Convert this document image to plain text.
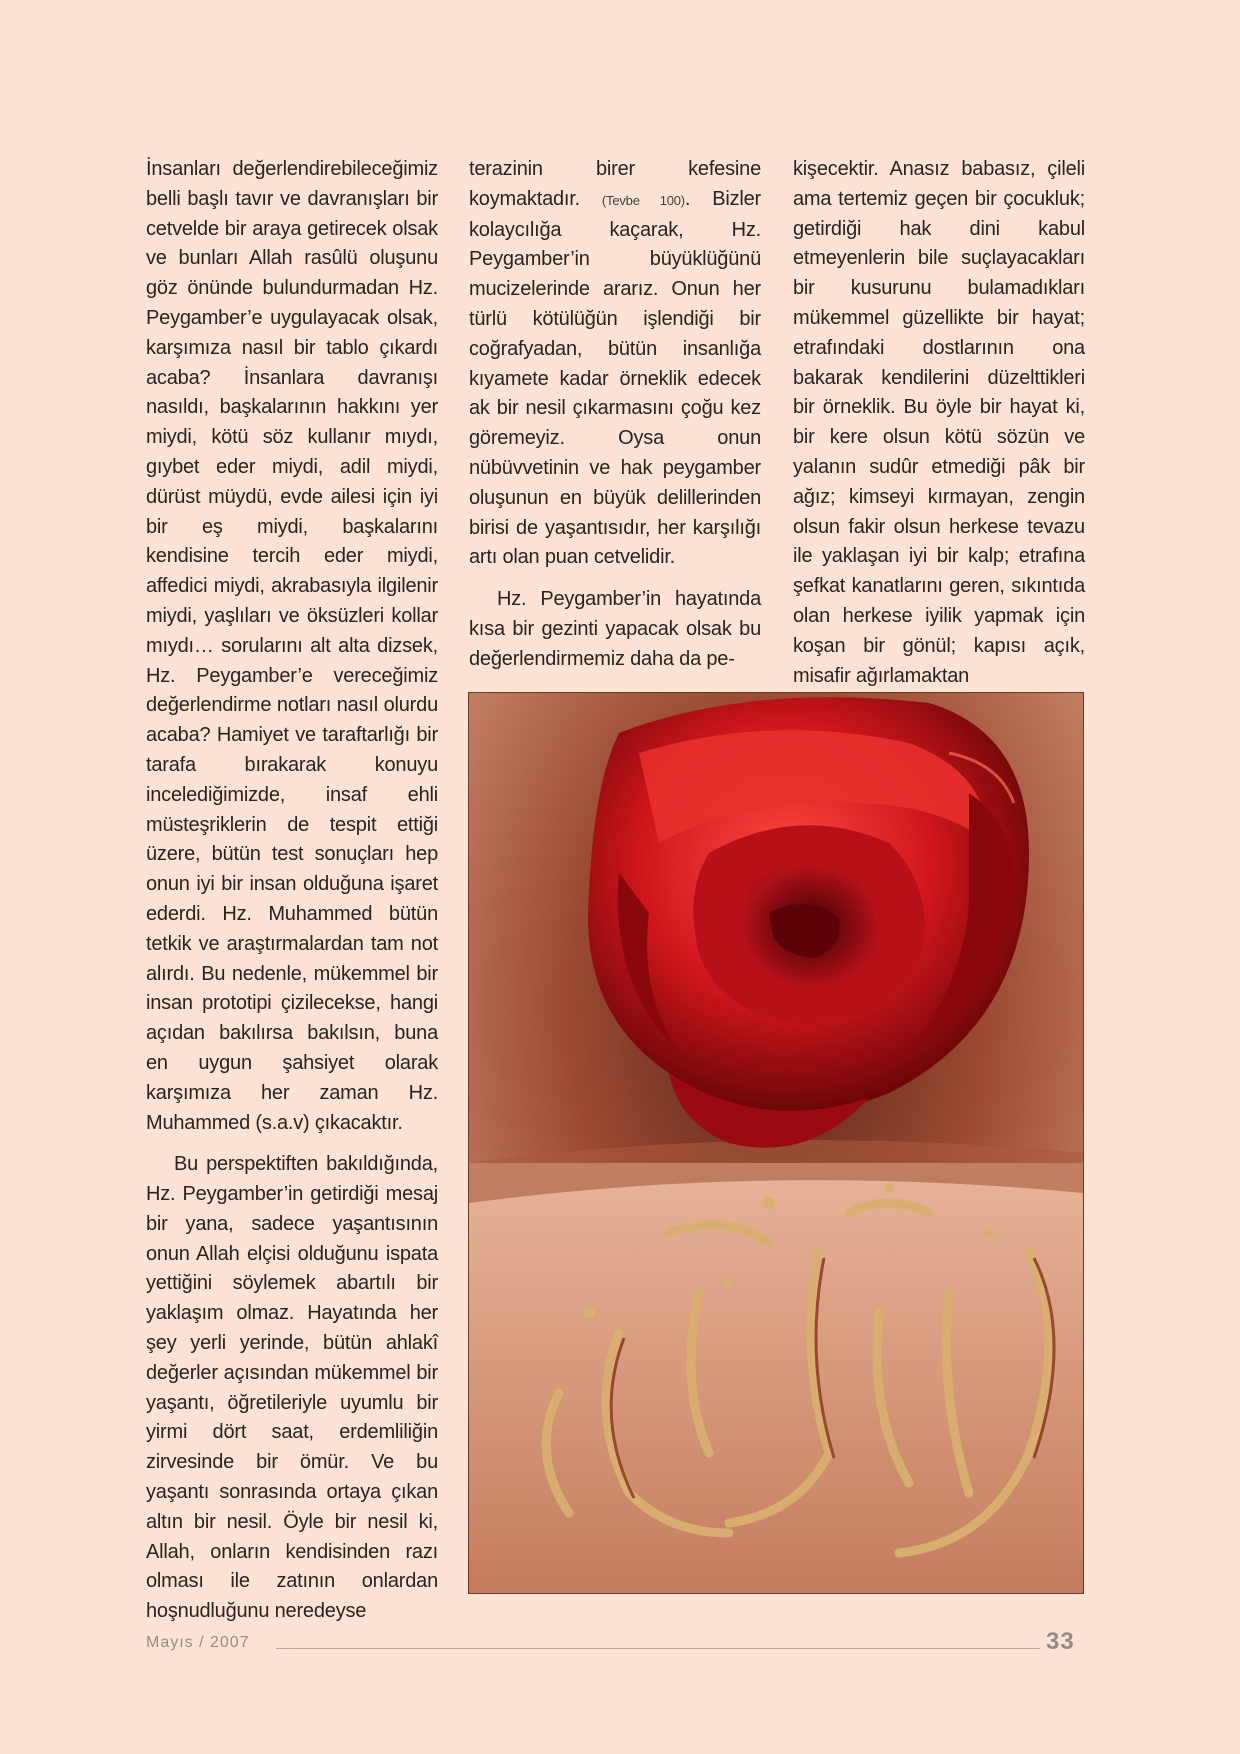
İnsanları değerlendirebileceğimiz belli başlı tavır ve davranışları bir cetvelde bir araya getirecek olsak ve bunları Allah rasûlü oluşunu göz önünde bulundurmadan Hz. Peygamber’e uygulayacak olsak, karşımıza nasıl bir tablo çıkardı acaba? İnsanlara davranışı nasıldı, başkalarının hakkını yer miydi, kötü söz kullanır mıydı, gıybet eder miydi, adil miydi, dürüst müydü, evde ailesi için iyi bir eş miydi, başkalarını kendisine tercih eder miydi, affedici miydi, akrabasıyla ilgilenir miydi, yaşlıları ve öksüzleri kollar mıydı… sorularını alt alta dizsek, Hz. Peygamber’e vereceğimiz değerlendirme notları nasıl olurdu acaba? Hamiyet ve taraftarlığı bir tarafa bırakarak konuyu incelediğimizde, insaf ehli müsteşriklerin de tespit ettiği üzere, bütün test sonuçları hep onun iyi bir insan olduğuna işaret ederdi. Hz. Muhammed bütün tetkik ve araştırmalardan tam not alırdı. Bu nedenle, mükemmel bir insan prototipi çizilecekse, hangi açıdan bakılırsa bakılsın, buna en uygun şahsiyet olarak karşımıza her zaman Hz. Muhammed (s.a.v) çıkacaktır.

Bu perspektiften bakıldığında, Hz. Peygamber’in getirdiği mesaj bir yana, sadece yaşantısının onun Allah elçisi olduğunu ispata yettiğini söylemek abartılı bir yaklaşım olmaz. Hayatında her şey yerli yerinde, bütün ahlakî değerler açısından mükemmel bir yaşantı, öğretileriyle uyumlu bir yirmi dört saat, erdemliliğin zirvesinde bir ömür. Ve bu yaşantı sonrasında ortaya çıkan altın bir nesil. Öyle bir nesil ki, Allah, onların kendisinden razı olması ile zatının onlardan hoşnudluğunu neredeyse

terazinin birer kefesine koymaktadır. (Tevbe 100). Bizler kolaycılığa kaçarak, Hz. Peygamber’in büyüklüğünü mucizelerinde ararız. Onun her türlü kötülüğün işlendiği bir coğrafyadan, bütün insanlığa kıyamete kadar örneklik edecek ak bir nesil çıkarmasını çoğu kez göremeyiz. Oysa onun nübüvvetinin ve hak peygamber oluşunun en büyük delillerinden birisi de yaşantısıdır, her karşılığı artı olan puan cetvelidir.

Hz. Peygamber’in hayatında kısa bir gezinti yapacak olsak bu değerlendirmemiz daha da pe-

kişecektir. Anasız babasız, çileli ama tertemiz geçen bir çocukluk; getirdiği hak dini kabul etmeyenlerin bile suçlayacakları bir kusurunu bulamadıkları mükemmel güzellikte bir hayat; etrafındaki dostlarının ona bakarak kendilerini düzelttikleri bir örneklik. Bu öyle bir hayat ki, bir kere olsun kötü sözün ve yalanın sudûr etmediği pâk bir ağız; kimseyi kırmayan, zengin olsun fakir olsun herkese tevazu ile yaklaşan iyi bir kalp; etrafına şefkat kanatlarını geren, sıkıntıda olan herkese iyilik yapmak için koşan bir gönül; kapısı açık, misafir ağırlamaktan

Mayıs / 2007	33
